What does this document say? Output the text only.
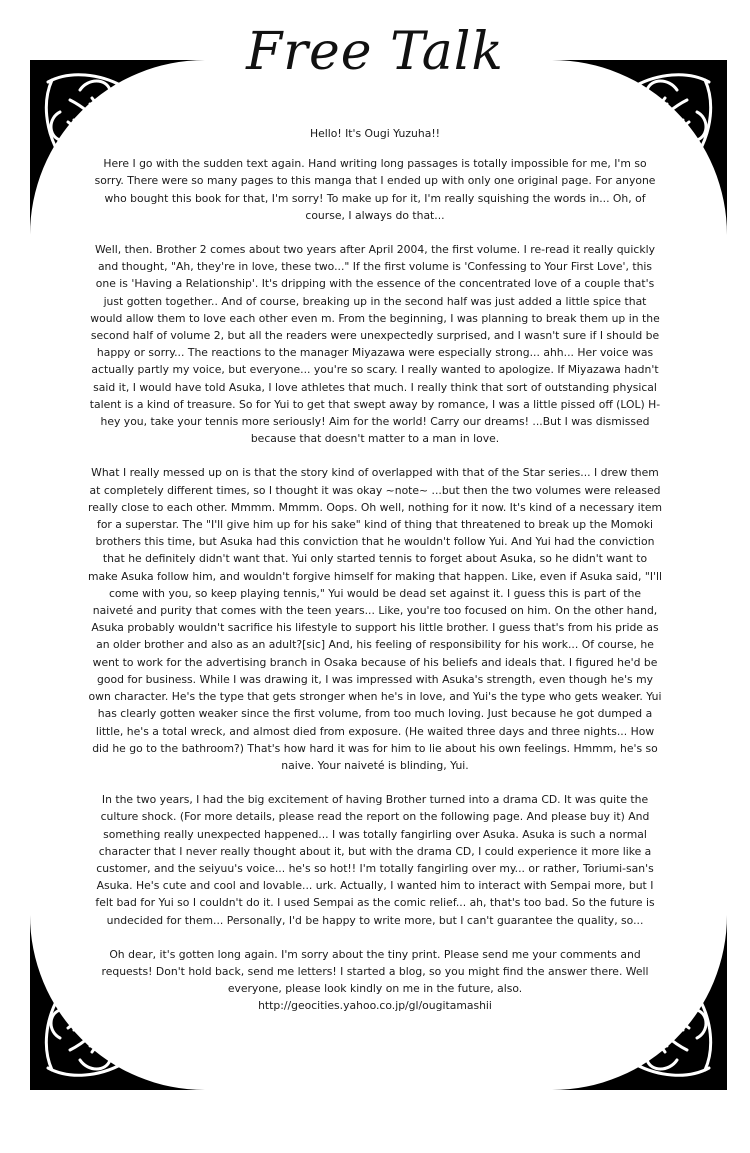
Free Talk

Hello! It's Ougi Yuzuha!!

Here I go with the sudden text again. Hand writing long passages is totally impossible for me, I'm so sorry. There were so many pages to this manga that I ended up with only one original page. For anyone who bought this book for that, I'm sorry! To make up for it, I'm really squishing the words in... Oh, of course, I always do that...

Well, then. Brother 2 comes about two years after April 2004, the first volume. I re-read it really quickly and thought, "Ah, they're in love, these two..." If the first volume is 'Confessing to Your First Love', this one is 'Having a Relationship'. It's dripping with the essence of the concentrated love of a couple that's just gotten together.. And of course, breaking up in the second half was just added a little spice that would allow them to love each other even m. From the beginning, I was planning to break them up in the second half of volume 2, but all the readers were unexpectedly surprised, and I wasn't sure if I should be happy or sorry... The reactions to the manager Miyazawa were especially strong... ahh... Her voice was actually partly my voice, but everyone... you're so scary. I really wanted to apologize. If Miyazawa hadn't said it, I would have told Asuka, I love athletes that much. I really think that sort of outstanding physical talent is a kind of treasure. So for Yui to get that swept away by romance, I was a little pissed off (LOL) H-hey you, take your tennis more seriously! Aim for the world! Carry our dreams! ...But I was dismissed because that doesn't matter to a man in love.

What I really messed up on is that the story kind of overlapped with that of the Star series... I drew them at completely different times, so I thought it was okay ~note~ ...but then the two volumes were released really close to each other. Mmmm. Mmmm. Oops. Oh well, nothing for it now. It's kind of a necessary item for a superstar. The "I'll give him up for his sake" kind of thing that threatened to break up the Momoki brothers this time, but Asuka had this conviction that he wouldn't follow Yui. And Yui had the conviction that he definitely didn't want that. Yui only started tennis to forget about Asuka, so he didn't want to make Asuka follow him, and wouldn't forgive himself for making that happen. Like, even if Asuka said, "I'll come with you, so keep playing tennis," Yui would be dead set against it. I guess this is part of the naiveté and purity that comes with the teen years... Like, you're too focused on him. On the other hand, Asuka probably wouldn't sacrifice his lifestyle to support his little brother. I guess that's from his pride as an older brother and also as an adult?[sic] And, his feeling of responsibility for his work... Of course, he went to work for the advertising branch in Osaka because of his beliefs and ideals that. I figured he'd be good for business. While I was drawing it, I was impressed with Asuka's strength, even though he's my own character. He's the type that gets stronger when he's in love, and Yui's the type who gets weaker. Yui has clearly gotten weaker since the first volume, from too much loving. Just because he got dumped a little, he's a total wreck, and almost died from exposure. (He waited three days and three nights... How did he go to the bathroom?) That's how hard it was for him to lie about his own feelings. Hmmm, he's so naive. Your naiveté is blinding, Yui.

In the two years, I had the big excitement of having Brother turned into a drama CD. It was quite the culture shock. (For more details, please read the report on the following page. And please buy it) And something really unexpected happened... I was totally fangirling over Asuka. Asuka is such a normal character that I never really thought about it, but with the drama CD, I could experience it more like a customer, and the seiyuu's voice... he's so hot!! I'm totally fangirling over my... or rather, Toriumi-san's Asuka. He's cute and cool and lovable... urk. Actually, I wanted him to interact with Sempai more, but I felt bad for Yui so I couldn't do it. I used Sempai as the comic relief... ah, that's too bad. So the future is undecided for them... Personally, I'd be happy to write more, but I can't guarantee the quality, so...

Oh dear, it's gotten long again. I'm sorry about the tiny print. Please send me your comments and requests! Don't hold back, send me letters! I started a blog, so you might find the answer there. Well everyone, please look kindly on me in the future, also.

http://geocities.yahoo.co.jp/gl/ougitamashii
